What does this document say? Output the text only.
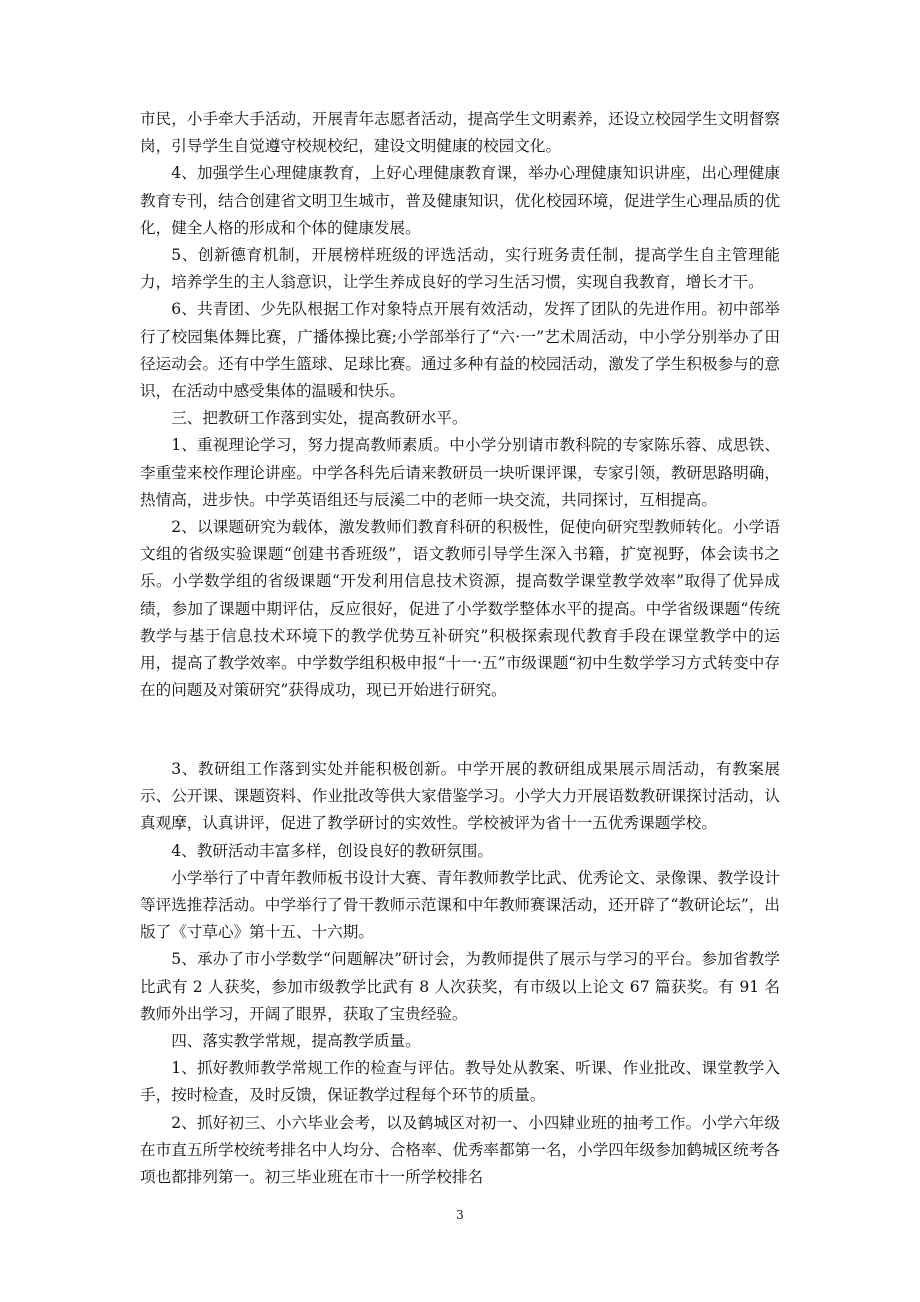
市民，小手牵大手活动，开展青年志愿者活动，提高学生文明素养，还设立校园学生文明督察岗，引导学生自觉遵守校规校纪，建设文明健康的校园文化。

4、加强学生心理健康教育，上好心理健康教育课，举办心理健康知识讲座，出心理健康教育专刊，结合创建省文明卫生城市，普及健康知识，优化校园环境，促进学生心理品质的优化，健全人格的形成和个体的健康发展。

5、创新德育机制，开展榜样班级的评选活动，实行班务责任制，提高学生自主管理能力，培养学生的主人翁意识，让学生养成良好的学习生活习惯，实现自我教育，增长才干。

6、共青团、少先队根据工作对象特点开展有效活动，发挥了团队的先进作用。初中部举行了校园集体舞比赛，广播体操比赛;小学部举行了“六·一”艺术周活动，中小学分别举办了田径运动会。还有中学生篮球、足球比赛。通过多种有益的校园活动，激发了学生积极参与的意识，在活动中感受集体的温暖和快乐。

三、把教研工作落到实处，提高教研水平。

1、重视理论学习，努力提高教师素质。中小学分别请市教科院的专家陈乐蓉、成思铁、李重莹来校作理论讲座。中学各科先后请来教研员一块听课评课，专家引领，教研思路明确，热情高，进步快。中学英语组还与辰溪二中的老师一块交流，共同探讨，互相提高。

2、以课题研究为载体，激发教师们教育科研的积极性，促使向研究型教师转化。小学语文组的省级实验课题“创建书香班级”，语文教师引导学生深入书籍，扩宽视野，体会读书之乐。小学数学组的省级课题“开发利用信息技术资源，提高数学课堂教学效率”取得了优异成绩，参加了课题中期评估，反应很好，促进了小学数学整体水平的提高。中学省级课题“传统教学与基于信息技术环境下的教学优势互补研究”积极探索现代教育手段在课堂教学中的运用，提高了教学效率。中学数学组积极申报“十一·五”市级课题“初中生数学学习方式转变中存在的问题及对策研究”获得成功，现已开始进行研究。

3、教研组工作落到实处并能积极创新。中学开展的教研组成果展示周活动，有教案展示、公开课、课题资料、作业批改等供大家借鉴学习。小学大力开展语数教研课探讨活动，认真观摩，认真讲评，促进了教学研讨的实效性。学校被评为省十一五优秀课题学校。

4、教研活动丰富多样，创设良好的教研氛围。

小学举行了中青年教师板书设计大赛、青年教师教学比武、优秀论文、录像课、教学设计等评选推荐活动。中学举行了骨干教师示范课和中年教师赛课活动，还开辟了“教研论坛”，出版了《寸草心》第十五、十六期。

5、承办了市小学数学“问题解决”研讨会，为教师提供了展示与学习的平台。参加省教学比武有 2 人获奖，参加市级教学比武有 8 人次获奖，有市级以上论文 67 篇获奖。有 91 名教师外出学习，开阔了眼界，获取了宝贵经验。

四、落实教学常规，提高教学质量。

1、抓好教师教学常规工作的检查与评估。教导处从教案、听课、作业批改、课堂教学入手，按时检查，及时反馈，保证教学过程每个环节的质量。

2、抓好初三、小六毕业会考，以及鹤城区对初一、小四肄业班的抽考工作。小学六年级在市直五所学校统考排名中人均分、合格率、优秀率都第一名，小学四年级参加鹤城区统考各项也都排列第一。初三毕业班在市十一所学校排名

3
